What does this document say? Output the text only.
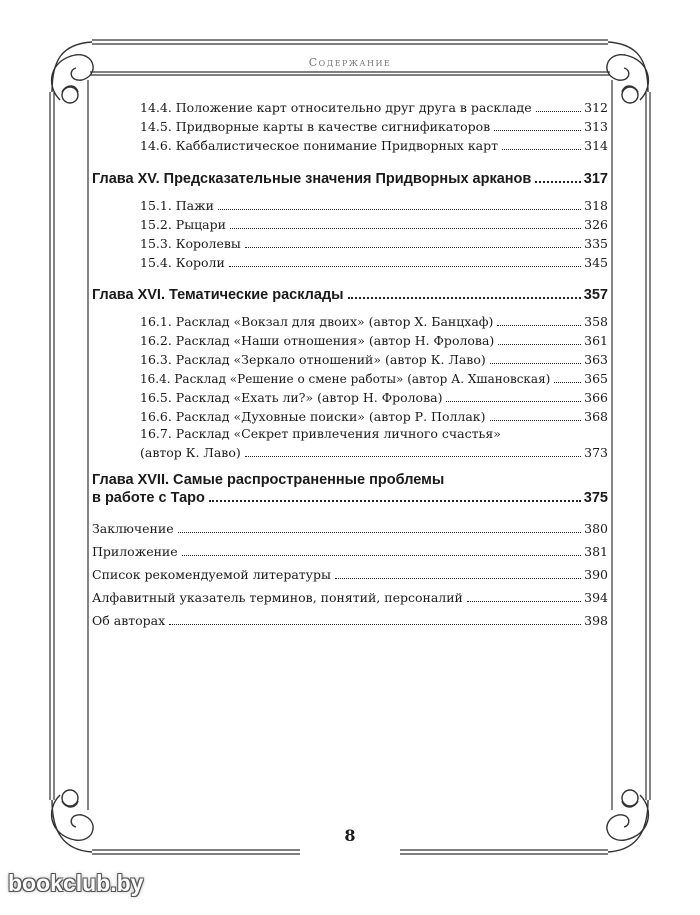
Содержание
14.4. Положение карт относительно друг друга в раскладе	312
14.5. Придворные карты в качестве сигнификаторов	313
14.6. Каббалистическое понимание Придворных карт	314
Глава XV. Предсказательные значения Придворных арканов	317
15.1. Пажи	318
15.2. Рыцари	326
15.3. Королевы	335
15.4. Короли	345
Глава XVI. Тематические расклады	357
16.1. Расклад «Вокзал для двоих» (автор Х. Банцхаф)	358
16.2. Расклад «Наши отношения» (автор Н. Фролова)	361
16.3. Расклад «Зеркало отношений» (автор К. Лаво)	363
16.4. Расклад «Решение о смене работы» (автор А. Хшановская)	365
16.5. Расклад «Ехать ли?» (автор Н. Фролова)	366
16.6. Расклад «Духовные поиски» (автор Р. Поллак)	368
16.7. Расклад «Секрет привлечения личного счастья»
(автор К. Лаво)	373
Глава XVII. Самые распространенные проблемы
в работе с Таро	375
Заключение	380
Приложение	381
Список рекомендуемой литературы	390
Алфавитный указатель терминов, понятий, персоналий	394
Об авторах	398
8
bookclub.by
